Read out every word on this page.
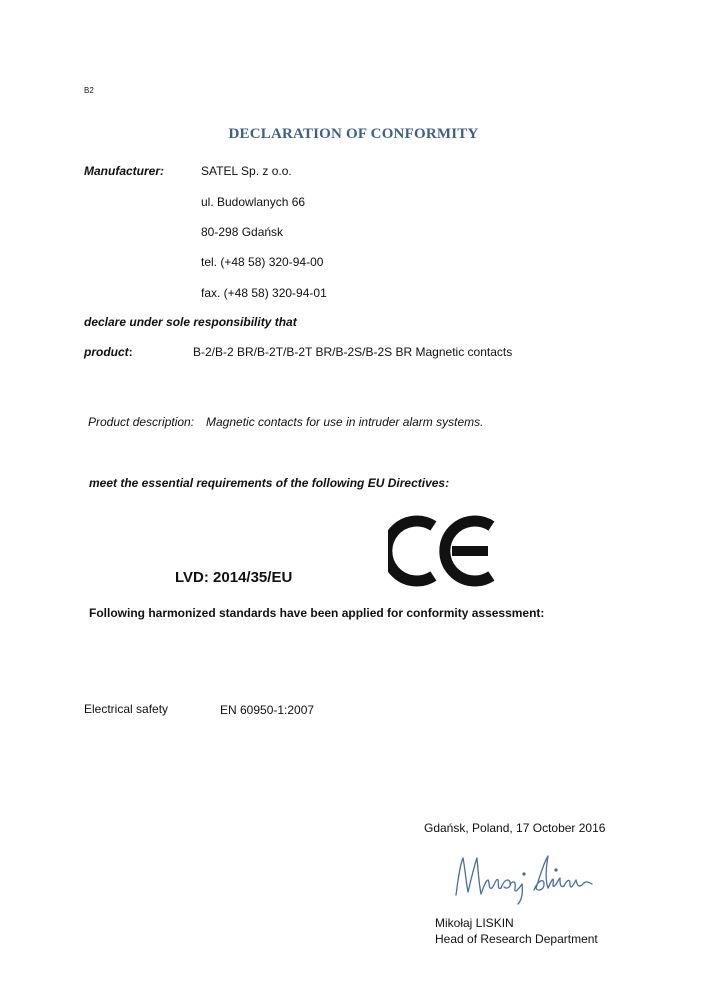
B2
DECLARATION OF CONFORMITY
Manufacturer:	SATEL Sp. z o.o.
ul. Budowlanych 66
80-298 Gdańsk
tel. (+48 58) 320-94-00
fax. (+48 58) 320-94-01
declare under sole responsibility that
product:	B-2/B-2 BR/B-2T/B-2T BR/B-2S/B-2S BR Magnetic contacts
Product description: Magnetic contacts for use in intruder alarm systems.
meet the essential requirements of the following EU Directives:
LVD: 2014/35/EU
Following harmonized standards have been applied for conformity assessment:
Electrical safety	EN 60950-1:2007
Gdańsk, Poland, 17 October 2016
Mikołaj LISKIN
Head of Research Department
